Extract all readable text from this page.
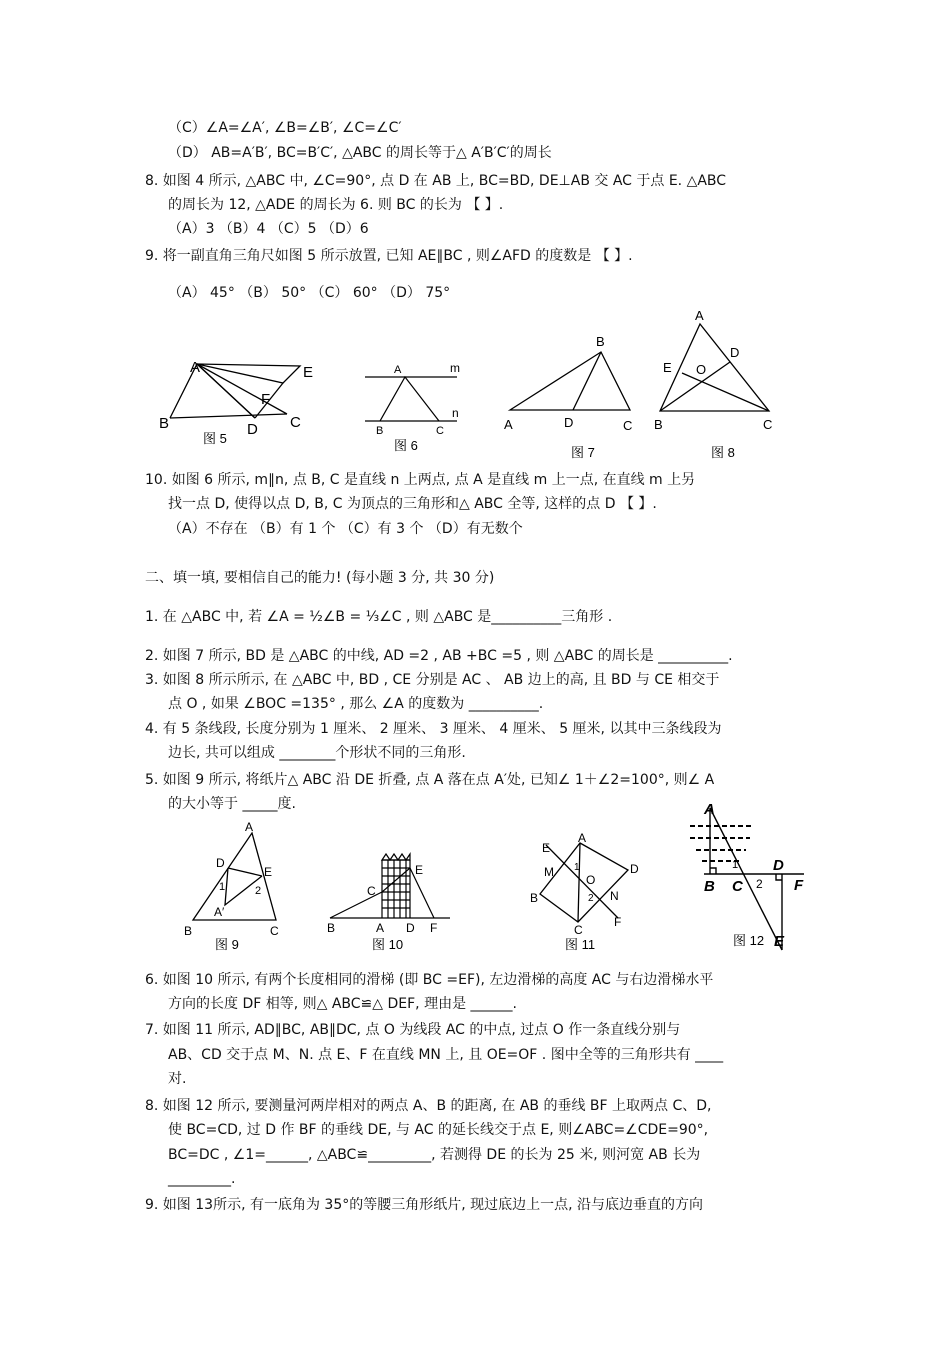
（C）∠A=∠A′, ∠B=∠B′, ∠C=∠C′
（D） AB=A′B′, BC=B′C′, △ABC 的周长等于△ A′B′C′的周长
8. 如图 4 所示, △ABC 中, ∠C=90°, 点 D 在 AB 上, BC=BD, DE⊥AB 交 AC 于点 E. △ABC
的周长为 12, △ADE 的周长为 6. 则 BC 的长为 【 】.
（A）3 （B）4 （C）5 （D）6
9. 将一副直角三角尺如图 5 所示放置, 已知 AE∥BC , 则∠AFD 的度数是 【 】.
（A） 45° （B） 50° （C） 60° （D） 75°
A	E
F
B	D C
图 5
A	m
n
B	C
图 6
B
A	D	C
图 7
A
D
E O
B	C
图 8
10. 如图 6 所示, m∥n, 点 B, C 是直线 n 上两点, 点 A 是直线 m 上一点, 在直线 m 上另
找一点 D, 使得以点 D, B, C 为顶点的三角形和△ ABC 全等, 这样的点 D 【 】.
（A）不存在 （B）有 1 个 （C）有 3 个 （D）有无数个
二、填一填, 要相信自己的能力! (每小题 3 分, 共 30 分)
1. 在 △ABC 中, 若 ∠A = ½∠B = ⅓∠C , 则 △ABC 是__________三角形 .
2. 如图 7 所示, BD 是 △ABC 的中线, AD =2 , AB +BC =5 , 则 △ABC 的周长是 __________.
3. 如图 8 所示所示, 在 △ABC 中, BD , CE 分别是 AC 、 AB 边上的高, 且 BD 与 CE 相交于
点 O , 如果 ∠BOC =135° , 那么 ∠A 的度数为 __________.
4. 有 5 条线段, 长度分别为 1 厘米、 2 厘米、 3 厘米、 4 厘米、 5 厘米, 以其中三条线段为
边长, 共可以组成 ________个形状不同的三角形.
5. 如图 9 所示, 将纸片△ ABC 沿 DE 折叠, 点 A 落在点 A′处, 已知∠ 1＋∠2=100°, 则∠ A
的大小等于 _____度.
A
D
E
1	2
A′
B	C
图 9
E
C
B	A D F
图 10
A
E
D
M 1
O
B	2 N
C
F
图 11
A
D
1
B C 2 F
E
图 12
6. 如图 10 所示, 有两个长度相同的滑梯 (即 BC =EF), 左边滑梯的高度 AC 与右边滑梯水平
方向的长度 DF 相等, 则△ ABC≌△ DEF, 理由是 ______.
7. 如图 11 所示, AD∥BC, AB∥DC, 点 O 为线段 AC 的中点, 过点 O 作一条直线分别与
AB、CD 交于点 M、N. 点 E、F 在直线 MN 上, 且 OE=OF . 图中全等的三角形共有 ____
对.
8. 如图 12 所示, 要测量河两岸相对的两点 A、B 的距离, 在 AB 的垂线 BF 上取两点 C、D,
使 BC=CD, 过 D 作 BF 的垂线 DE, 与 AC 的延长线交于点 E, 则∠ABC=∠CDE=90°,
BC=DC , ∠1=______, △ABC≌_________, 若测得 DE 的长为 25 米, 则河宽 AB 长为
_________.
9. 如图 13所示, 有一底角为 35°的等腰三角形纸片, 现过底边上一点, 沿与底边垂直的方向
